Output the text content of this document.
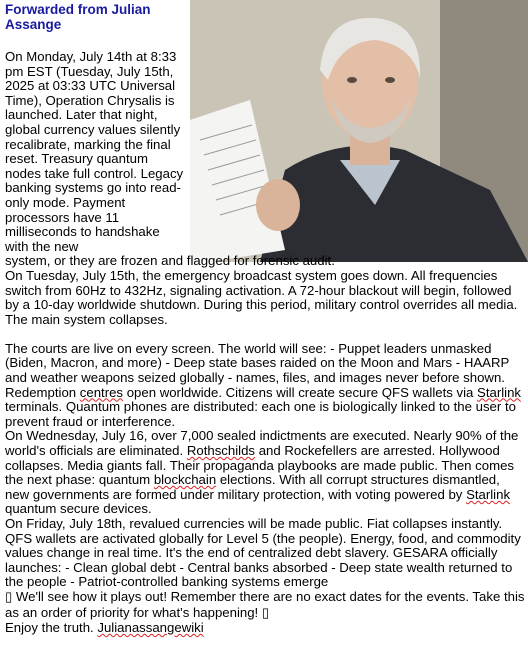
Forwarded from Julian Assange

On Monday, July 14th at 8:33 pm EST (Tuesday, July 15th, 2025 at 03:33 UTC Universal Time), Operation Chrysalis is launched. Later that night, global currency values silently recalibrate, marking the final reset. Treasury quantum nodes take full control. Legacy banking systems go into read-only mode. Payment processors have 11 milliseconds to handshake with the new

system, or they are frozen and flagged for forensic audit.

On Tuesday, July 15th, the emergency broadcast system goes down. All frequencies switch from 60Hz to 432Hz, signaling activation. A 72-hour blackout will begin, followed by a 10-day worldwide shutdown. During this period, military control overrides all media. The main system collapses.

The courts are live on every screen. The world will see: - Puppet leaders unmasked (Biden, Macron, and more) - Deep state bases raided on the Moon and Mars - HAARP and weather weapons seized globally - names, files, and images never before shown. Redemption centres open worldwide. Citizens will create secure QFS wallets via Starlink terminals. Quantum phones are distributed: each one is biologically linked to the user to prevent fraud or interference.

On Wednesday, July 16, over 7,000 sealed indictments are executed. Nearly 90% of the world's officials are eliminated. Rothschilds and Rockefellers are arrested. Hollywood collapses. Media giants fall. Their propaganda playbooks are made public. Then comes the next phase: quantum blockchain elections. With all corrupt structures dismantled, new governments are formed under military protection, with voting powered by Starlink quantum secure devices.

On Friday, July 18th, revalued currencies will be made public. Fiat collapses instantly. QFS wallets are activated globally for Level 5 (the people). Energy, food, and commodity values change in real time. It's the end of centralized debt slavery. GESARA officially launches: - Clean global debt - Central banks absorbed - Deep state wealth returned to the people - Patriot-controlled banking systems emerge
▯ We'll see how it plays out! Remember there are no exact dates for the events. Take this as an order of priority for what's happening! ▯

Enjoy the truth. Julianassangewiki
